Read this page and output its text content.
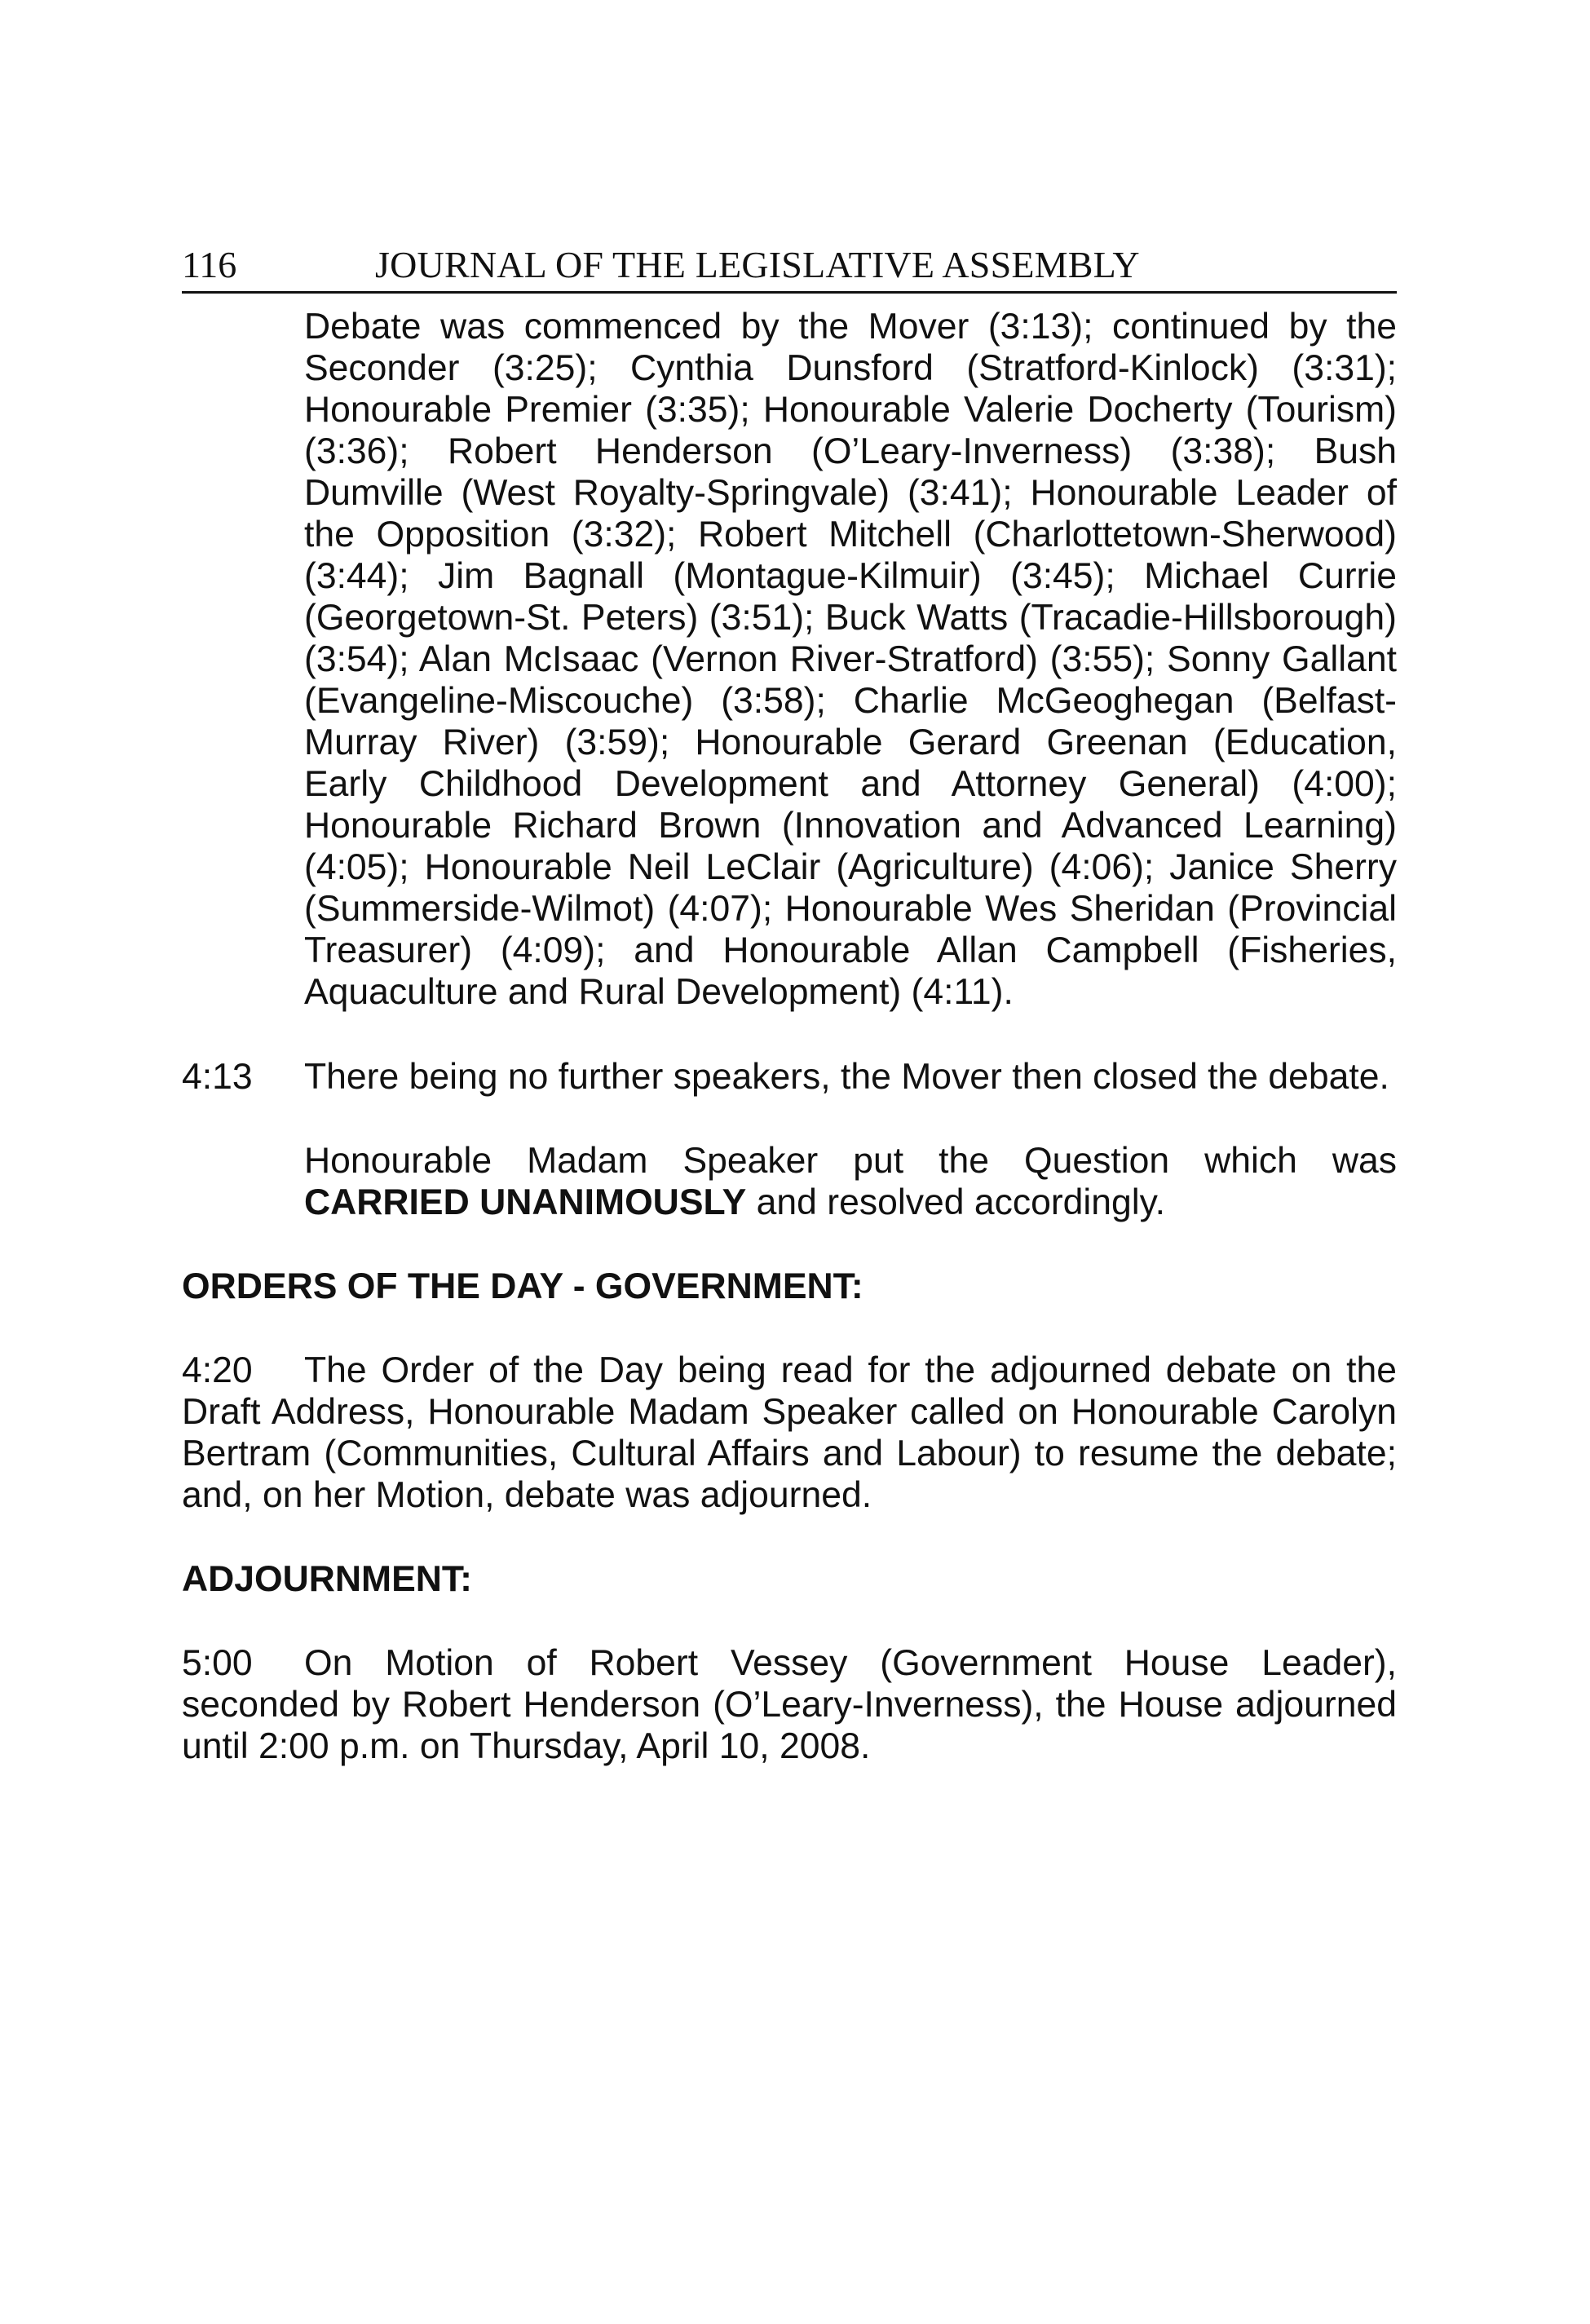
116	JOURNAL OF THE LEGISLATIVE ASSEMBLY

Debate was commenced by the Mover (3:13); continued by the Seconder (3:25); Cynthia Dunsford (Stratford-Kinlock) (3:31); Honourable Premier (3:35); Honourable Valerie Docherty (Tourism) (3:36); Robert Henderson (O’Leary-Inverness) (3:38); Bush Dumville (West Royalty-Springvale) (3:41); Honourable Leader of the Opposition (3:32); Robert Mitchell (Charlottetown-Sherwood) (3:44); Jim Bagnall (Montague-Kilmuir) (3:45); Michael Currie (Georgetown-St. Peters) (3:51); Buck Watts (Tracadie-Hillsborough) (3:54); Alan McIsaac (Vernon River-Stratford) (3:55); Sonny Gallant (Evangeline-Miscouche) (3:58); Charlie McGeoghegan (Belfast-Murray River) (3:59); Honourable Gerard Greenan (Education, Early Childhood Development and Attorney General) (4:00); Honourable Richard Brown (Innovation and Advanced Learning) (4:05); Honourable Neil LeClair (Agriculture) (4:06); Janice Sherry (Summerside-Wilmot) (4:07); Honourable Wes Sheridan (Provincial Treasurer) (4:09); and Honourable Allan Campbell (Fisheries, Aquaculture and Rural Development) (4:11).

4:13	There being no further speakers, the Mover then closed the debate.

Honourable Madam Speaker put the Question which was CARRIED UNANIMOUSLY and resolved accordingly.

ORDERS OF THE DAY - GOVERNMENT:

4:20 The Order of the Day being read for the adjourned debate on the Draft Address, Honourable Madam Speaker called on Honourable Carolyn Bertram (Communities, Cultural Affairs and Labour) to resume the debate; and, on her Motion, debate was adjourned.

ADJOURNMENT:

5:00 On Motion of Robert Vessey (Government House Leader), seconded by Robert Henderson (O’Leary-Inverness), the House adjourned until 2:00 p.m. on Thursday, April 10, 2008.
